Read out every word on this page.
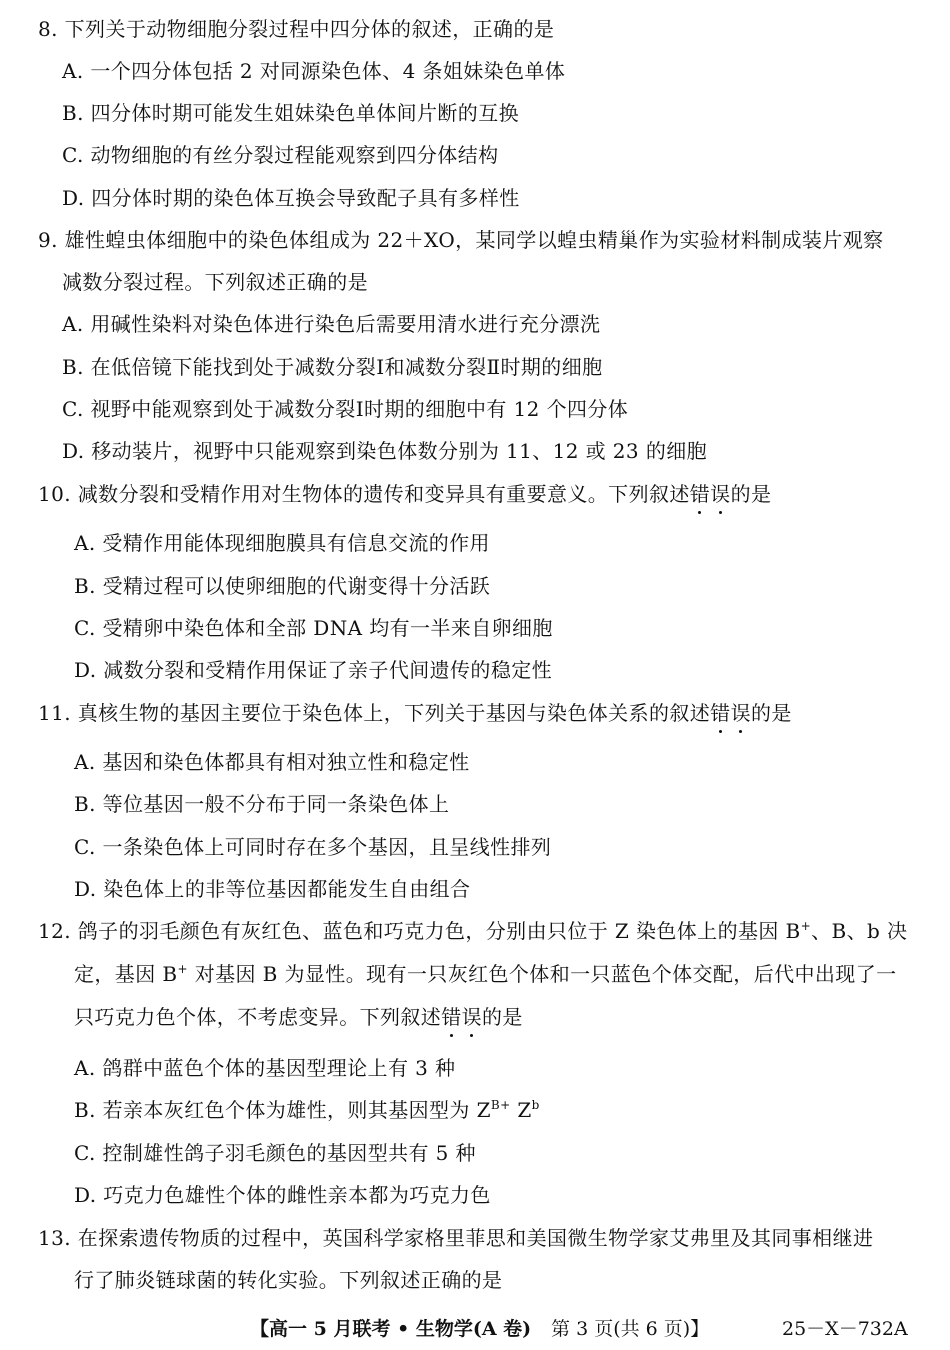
8. 下列关于动物细胞分裂过程中四分体的叙述，正确的是
A. 一个四分体包括 2 对同源染色体、4 条姐妹染色单体
B. 四分体时期可能发生姐妹染色单体间片断的互换
C. 动物细胞的有丝分裂过程能观察到四分体结构
D. 四分体时期的染色体互换会导致配子具有多样性
9. 雄性蝗虫体细胞中的染色体组成为 22＋XO，某同学以蝗虫精巢作为实验材料制成装片观察
减数分裂过程。下列叙述正确的是
A. 用碱性染料对染色体进行染色后需要用清水进行充分漂洗
B. 在低倍镜下能找到处于减数分裂Ⅰ和减数分裂Ⅱ时期的细胞
C. 视野中能观察到处于减数分裂Ⅰ时期的细胞中有 12 个四分体
D. 移动装片，视野中只能观察到染色体数分别为 11、12 或 23 的细胞
10. 减数分裂和受精作用对生物体的遗传和变异具有重要意义。下列叙述错误的是
A. 受精作用能体现细胞膜具有信息交流的作用
B. 受精过程可以使卵细胞的代谢变得十分活跃
C. 受精卵中染色体和全部 DNA 均有一半来自卵细胞
D. 减数分裂和受精作用保证了亲子代间遗传的稳定性
11. 真核生物的基因主要位于染色体上，下列关于基因与染色体关系的叙述错误的是
A. 基因和染色体都具有相对独立性和稳定性
B. 等位基因一般不分布于同一条染色体上
C. 一条染色体上可同时存在多个基因，且呈线性排列
D. 染色体上的非等位基因都能发生自由组合
12. 鸽子的羽毛颜色有灰红色、蓝色和巧克力色，分别由只位于 Z 染色体上的基因 B+、B、b 决
定，基因 B+ 对基因 B 为显性。现有一只灰红色个体和一只蓝色个体交配，后代中出现了一
只巧克力色个体，不考虑变异。下列叙述错误的是
A. 鸽群中蓝色个体的基因型理论上有 3 种
B. 若亲本灰红色个体为雄性，则其基因型为 $Z^{B+}$ $Z^b$
C. 控制雄性鸽子羽毛颜色的基因型共有 5 种
D. 巧克力色雄性个体的雌性亲本都为巧克力色
13. 在探索遗传物质的过程中，英国科学家格里菲思和美国微生物学家艾弗里及其同事相继进
行了肺炎链球菌的转化实验。下列叙述正确的是
【高一 5 月联考 • 生物学(A 卷) 第 3 页(共 6 页)】	25－X－732A
